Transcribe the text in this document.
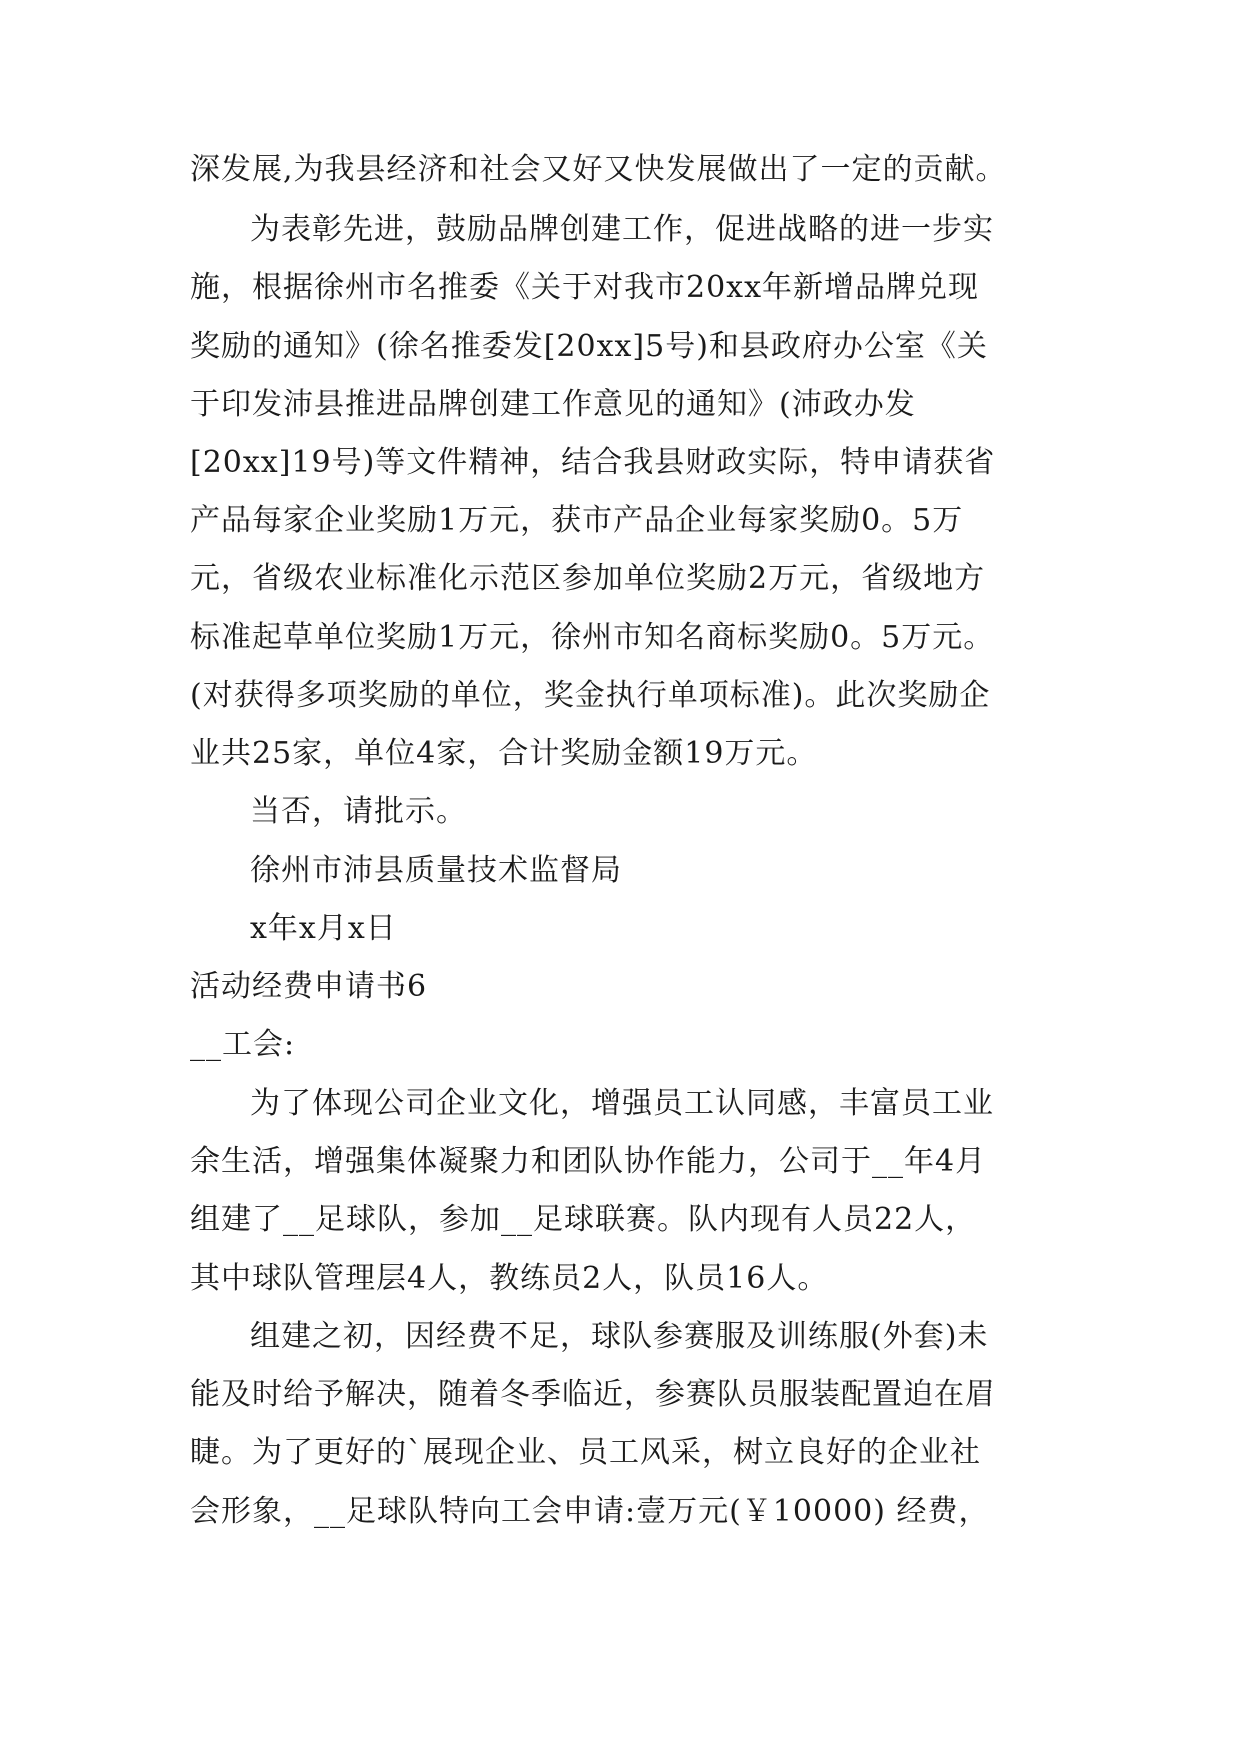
深发展,为我县经济和社会又好又快发展做出了一定的贡献。
为表彰先进，鼓励品牌创建工作，促进战略的进一步实
施，根据徐州市名推委《关于对我市20xx年新增品牌兑现
奖励的通知》(徐名推委发[20xx]5号)和县政府办公室《关
于印发沛县推进品牌创建工作意见的通知》(沛政办发
[20xx]19号)等文件精神，结合我县财政实际，特申请获省
产品每家企业奖励1万元，获市产品企业每家奖励0。5万
元，省级农业标准化示范区参加单位奖励2万元，省级地方
标准起草单位奖励1万元，徐州市知名商标奖励0。5万元。
(对获得多项奖励的单位，奖金执行单项标准)。此次奖励企
业共25家，单位4家，合计奖励金额19万元。
当否，请批示。
徐州市沛县质量技术监督局
x年x月x日
活动经费申请书6
__工会:
为了体现公司企业文化，增强员工认同感，丰富员工业
余生活，增强集体凝聚力和团队协作能力，公司于__年4月
组建了__足球队，参加__足球联赛。队内现有人员22人，
其中球队管理层4人，教练员2人，队员16人。
组建之初，因经费不足，球队参赛服及训练服(外套)未
能及时给予解决，随着冬季临近，参赛队员服装配置迫在眉
睫。为了更好的`展现企业、员工风采，树立良好的企业社
会形象，__足球队特向工会申请:壹万元(￥10000) 经费，
